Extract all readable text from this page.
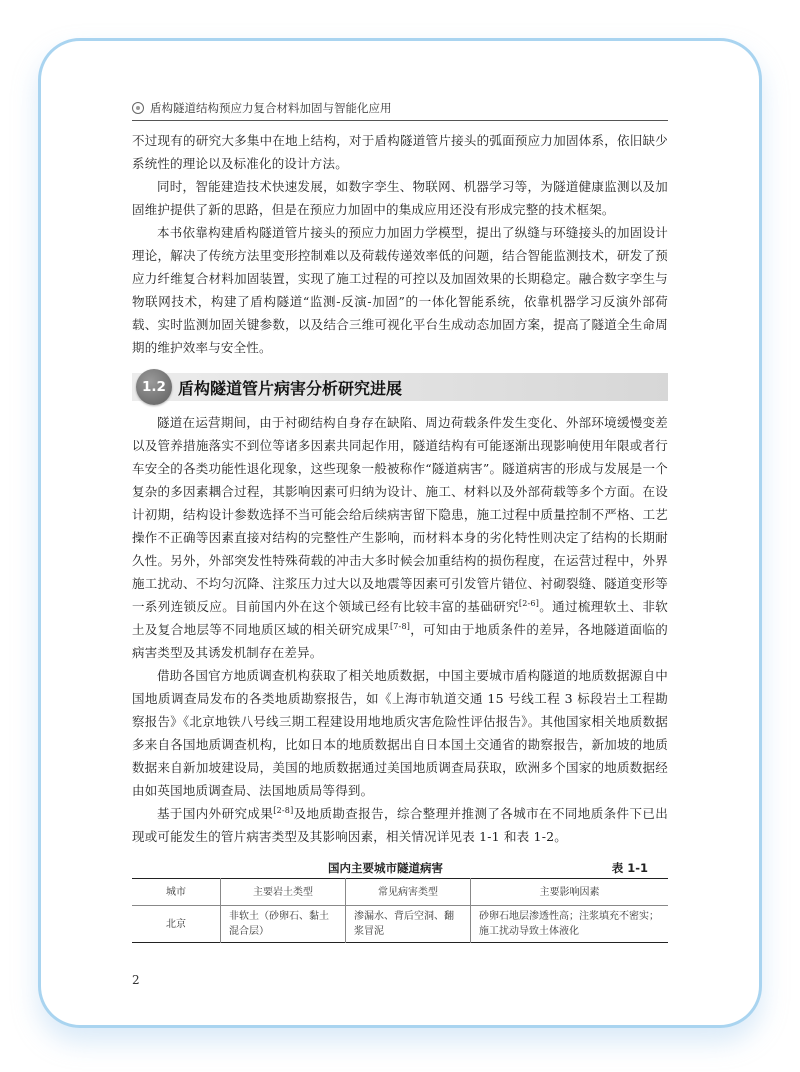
盾构隧道结构预应力复合材料加固与智能化应用

不过现有的研究大多集中在地上结构，对于盾构隧道管片接头的弧面预应力加固体系，依旧缺少系统性的理论以及标准化的设计方法。

同时，智能建造技术快速发展，如数字孪生、物联网、机器学习等，为隧道健康监测以及加固维护提供了新的思路，但是在预应力加固中的集成应用还没有形成完整的技术框架。

本书依靠构建盾构隧道管片接头的预应力加固力学模型，提出了纵缝与环缝接头的加固设计理论，解决了传统方法里变形控制难以及荷载传递效率低的问题，结合智能监测技术，研发了预应力纤维复合材料加固装置，实现了施工过程的可控以及加固效果的长期稳定。融合数字孪生与物联网技术，构建了盾构隧道“监测-反演-加固”的一体化智能系统，依靠机器学习反演外部荷载、实时监测加固关键参数，以及结合三维可视化平台生成动态加固方案，提高了隧道全生命周期的维护效率与安全性。

1.2 盾构隧道管片病害分析研究进展

隧道在运营期间，由于衬砌结构自身存在缺陷、周边荷载条件发生变化、外部环境缓慢变差以及管养措施落实不到位等诸多因素共同起作用，隧道结构有可能逐渐出现影响使用年限或者行车安全的各类功能性退化现象，这些现象一般被称作“隧道病害”。隧道病害的形成与发展是一个复杂的多因素耦合过程，其影响因素可归纳为设计、施工、材料以及外部荷载等多个方面。在设计初期，结构设计参数选择不当可能会给后续病害留下隐患，施工过程中质量控制不严格、工艺操作不正确等因素直接对结构的完整性产生影响，而材料本身的劣化特性则决定了结构的长期耐久性。另外，外部突发性特殊荷载的冲击大多时候会加重结构的损伤程度，在运营过程中，外界施工扰动、不均匀沉降、注浆压力过大以及地震等因素可引发管片错位、衬砌裂缝、隧道变形等一系列连锁反应。目前国内外在这个领域已经有比较丰富的基础研究[2-6]。通过梳理软土、非软土及复合地层等不同地质区域的相关研究成果[7-8]，可知由于地质条件的差异，各地隧道面临的病害类型及其诱发机制存在差异。

借助各国官方地质调查机构获取了相关地质数据，中国主要城市盾构隧道的地质数据源自中国地质调查局发布的各类地质勘察报告，如《上海市轨道交通 15 号线工程 3 标段岩土工程勘察报告》《北京地铁八号线三期工程建设用地地质灾害危险性评估报告》。其他国家相关地质数据多来自各国地质调查机构，比如日本的地质数据出自日本国土交通省的勘察报告，新加坡的地质数据来自新加坡建设局，美国的地质数据通过美国地质调查局获取，欧洲多个国家的地质数据经由如英国地质调查局、法国地质局等得到。

基于国内外研究成果[2-8]及地质勘查报告，综合整理并推测了各城市在不同地质条件下已出现或可能发生的管片病害类型及其影响因素，相关情况详见表 1-1 和表 1-2。

国内主要城市隧道病害	表 1-1
城市	主要岩土类型	常见病害类型	主要影响因素
北京	非软土（砂卵石、黏土混合层）	渗漏水、背后空洞、翻浆冒泥	砂卵石地层渗透性高；注浆填充不密实；施工扰动导致土体液化
2
